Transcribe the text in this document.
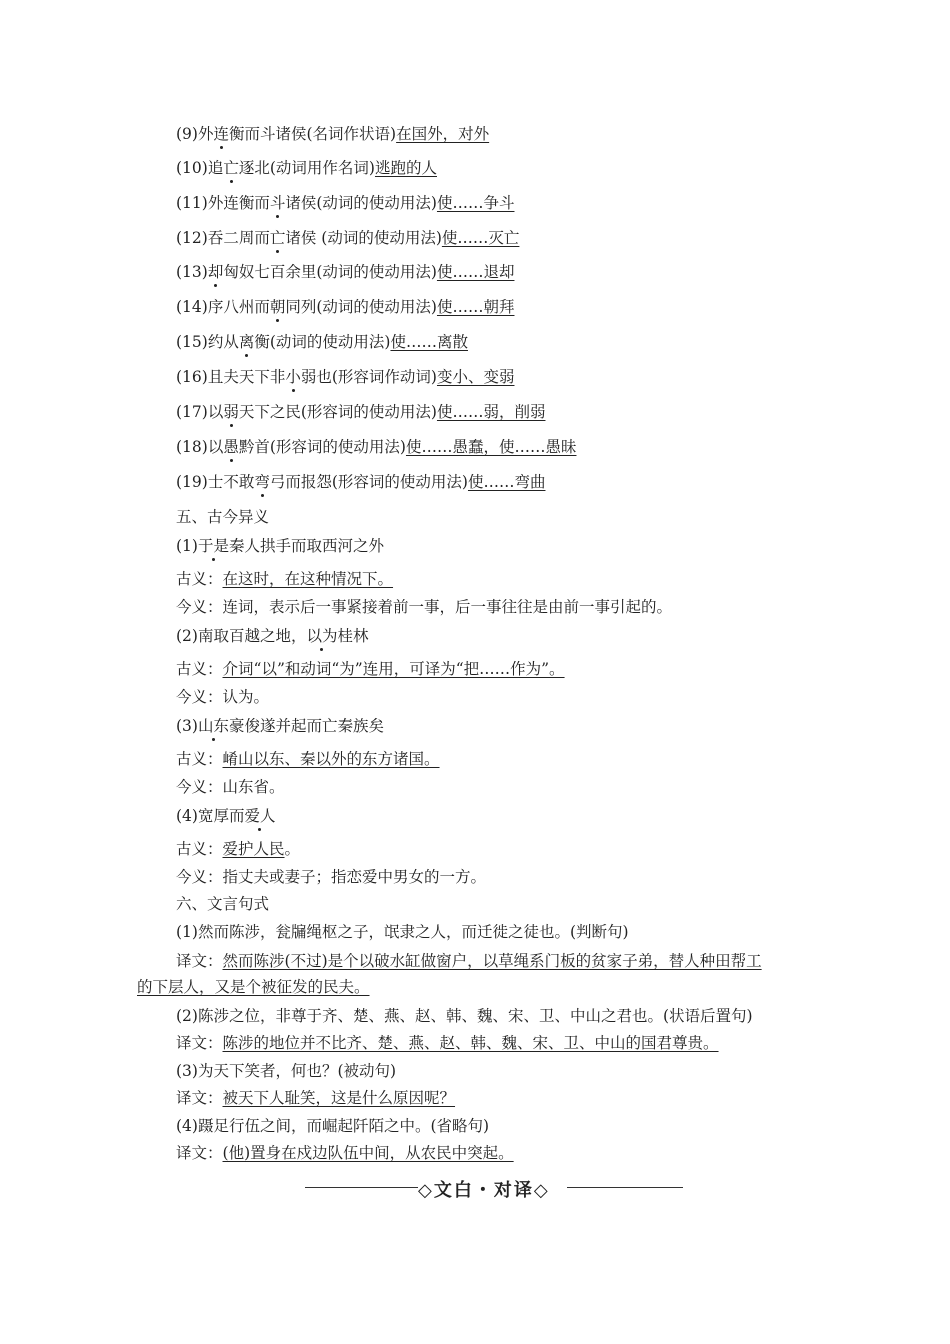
(9)外连衡而斗诸侯(名词作状语)在国外，对外
(10)追亡逐北(动词用作名词)逃跑的人
(11)外连衡而斗诸侯(动词的使动用法)使……争斗
(12)吞二周而亡诸侯 (动词的使动用法)使……灭亡
(13)却匈奴七百余里(动词的使动用法)使……退却
(14)序八州而朝同列(动词的使动用法)使……朝拜
(15)约从离衡(动词的使动用法)使……离散
(16)且夫天下非小弱也(形容词作动词)变小、变弱
(17)以弱天下之民(形容词的使动用法)使……弱，削弱
(18)以愚黔首(形容词的使动用法)使……愚蠢，使……愚昧
(19)士不敢弯弓而报怨(形容词的使动用法)使……弯曲
五、古今异义
(1)于是秦人拱手而取西河之外
古义：在这时，在这种情况下。
今义：连词，表示后一事紧接着前一事，后一事往往是由前一事引起的。
(2)南取百越之地，以为桂林
古义：介词“以”和动词“为”连用，可译为“把……作为”。
今义：认为。
(3)山东豪俊遂并起而亡秦族矣
古义：崤山以东、秦以外的东方诸国。
今义：山东省。
(4)宽厚而爱人
古义：爱护人民。
今义：指丈夫或妻子；指恋爱中男女的一方。
六、文言句式
(1)然而陈涉，瓮牖绳枢之子，氓隶之人，而迁徙之徒也。(判断句)
译文：然而陈涉(不过)是个以破水缸做窗户，以草绳系门板的贫家子弟，替人种田帮工
的下层人，又是个被征发的民夫。
(2)陈涉之位，非尊于齐、楚、燕、赵、韩、魏、宋、卫、中山之君也。(状语后置句)
译文：陈涉的地位并不比齐、楚、燕、赵、韩、魏、宋、卫、中山的国君尊贵。
(3)为天下笑者，何也？(被动句)
译文：被天下人耻笑，这是什么原因呢？
(4)蹑足行伍之间，而崛起阡陌之中。(省略句)
译文：(他)置身在戍边队伍中间，从农民中突起。
◇文白・对译◇
